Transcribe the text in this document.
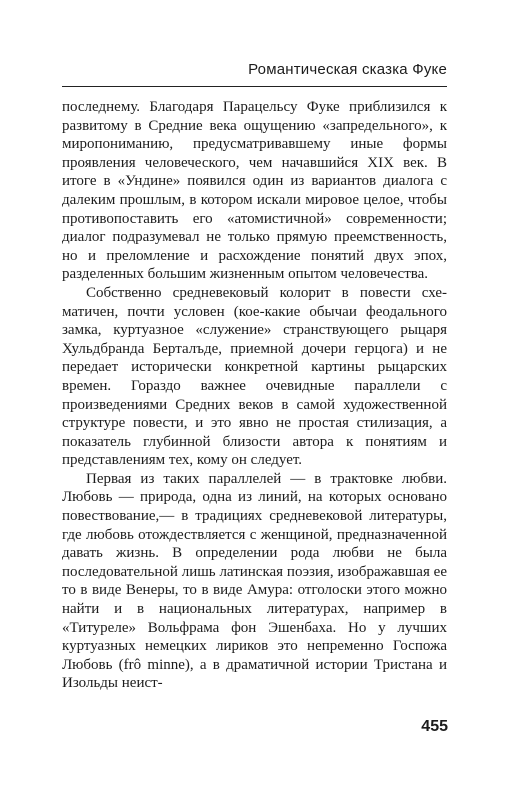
Романтическая сказка Фуке

последнему. Благодаря Парацельсу Фуке приблизился к развитому в Средние века ощущению «запредельного», к миропониманию, предусматривавшему иные формы проявления человеческого, чем начавшийся XIX век. В итоге в «Ундине» появился один из вариантов диалога с далеким прошлым, в котором искали мировое целое, чтобы противопоставить его «атомистичной» современности; диалог подразумевал не только прямую преемственность, но и преломление и расхождение понятий двух эпох, разделенных большим жизненным опытом человечества.

Собственно средневековый колорит в повести схематичен, почти условен (кое-какие обычаи феодального замка, куртуазное «служение» странствующего рыцаря Хульдбранда Берталъде, приемной дочери герцога) и не передает исторически конкретной картины рыцарских времен. Гораздо важнее очевидные параллели с произведениями Средних веков в самой художественной структуре повести, и это явно не простая стилизация, а показатель глубинной близости автора к понятиям и представлениям тех, кому он следует.

Первая из таких параллелей — в трактовке любви. Любовь — природа, одна из линий, на которых основано повествование,— в традициях средневековой литературы, где любовь отождествляется с женщиной, предназначенной давать жизнь. В определении рода любви не была последовательной лишь латинская поэзия, изображавшая ее то в виде Венеры, то в виде Амура: отголоски этого можно найти и в национальных литературах, например в «Титуреле» Вольфрама фон Эшенбаха. Но у лучших куртуазных немецких лириков это непременно Госпожа Любовь (frô minne), а в драматичной истории Тристана и Изольды неист-

455
